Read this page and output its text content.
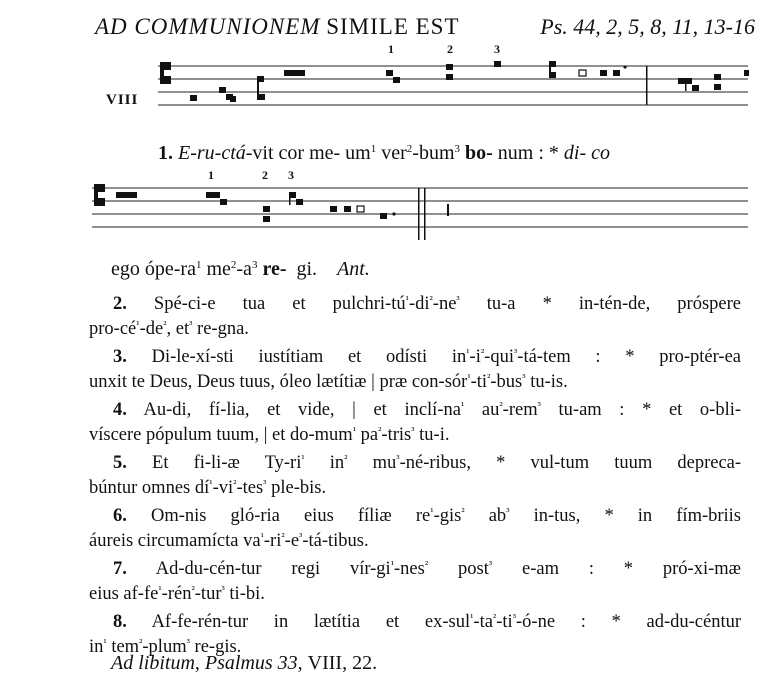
AD COMMUNIONEM SIMILE EST	Ps. 44, 2, 5, 8, 11, 13-16
VIII
1	2	3
1. E-ru-ctá-vit cor me- $um^1$ ver$^2$-bum$^3$ bo- num : * di- co
1	2 3
ego ópe-$ra^1$ $me^2-a^3$ re- gi. Ant.
2. Spé-ci-e tua et pulchri-$tú^{^1}-di^{^2}-ne^{^3}$ tu-a * in-tén-de, próspere
pro-$cé^{^1}-de^{^2}$, $et^{^3}$ re-gna.
3. Di-le-xí-sti iustítiam et odísti $in^{^1}-i^{^2}-qui^{^3}-tá$-tem : * pro-ptér-ea
unxit te Deus, Deus tuus, óleo lætítiæ | præ con-$sór^{^1}-ti^{^2}-bus^{^3}$ tu-is.
4. Au-di, fí-lia, et vide, | et inclí-$na^{^1}$ $au^{^2}-rem^{^3}$ tu-am : * et o-bli-
víscere pópulum tuum, | et do-mum$^{^1}$ $pa^{^2}-tris^{^3}$ tu-i.
5. Et fi-li-æ $Ty-ri^{^1}$ $in^{^2}$ $mu^{^3}-né$-ribus, * vul-tum tuum depreca-
búntur omnes $dí^{^1}-vi^{^2}-tes^{^3}$ ple-bis.
6. Om-nis gló-ria eius fíliæ $re^{^1}-gis^{^2}$ $ab^{^3}$ in-tus, * in fím-briis
áureis circumamícta $va^{^1}-ri^{^2}-e^{^3}-tá$-tibus.
7. Ad-du-cén-tur regi vír-$gi^{^1}-nes^{^2}$ post$^{^3}$ e-am : * pró-xi-mæ
eius $af-fe^{^1}-rén^{^2}-tur^{^3}$ ti-bi.
8. Af-fe-rén-tur in lætítia et $ex-sul^{^1}-ta^{^2}-ti^{^3}-ó-ne$ : * ad-du-céntur
$in^{^1}$ tem$^{^2}$-plum$^{^3}$ re-gis.
Ad libitum, Psalmus 33, VIII, 22.
